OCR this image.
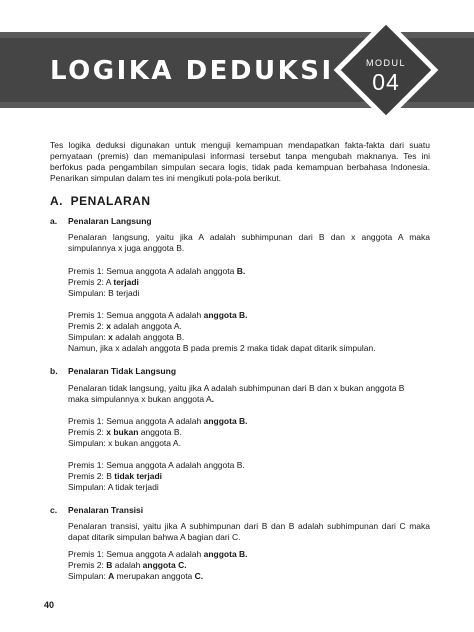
LOGIKA DEDUKSI	MODUL
04
Tes logika deduksi digunakan untuk menguji kemampuan mendapatkan fakta-fakta dari suatu pernyataan (premis) dan memanipulasi informasi tersebut tanpa mengubah maknanya. Tes ini berfokus pada pengambilan simpulan secara logis, tidak pada kemampuan berbahasa Indonesia. Penarikan simpulan dalam tes ini mengikuti pola-pola berikut.
A. PENALARAN
a. Penalaran Langsung
Penalaran langsung, yaitu jika A adalah subhimpunan dari B dan x anggota A maka simpulannya x juga anggota B.
Premis 1: Semua anggota A adalah anggota B.
Premis 2: A terjadi
Simpulan: B terjadi
Premis 1: Semua anggota A adalah anggota B.
Premis 2: x adalah anggota A.
Simpulan: x adalah anggota B.
Namun, jika x adalah anggota B pada premis 2 maka tidak dapat ditarik simpulan.
b. Penalaran Tidak Langsung
Penalaran tidak langsung, yaitu jika A adalah subhimpunan dari B dan x bukan anggota B
maka simpulannya x bukan anggota A.
Premis 1: Semua anggota A adalah anggota B.
Premis 2: x bukan anggota B.
Simpulan: x bukan anggota A.
Premis 1: Semua anggota A adalah anggota B.
Premis 2: B tidak terjadi
Simpulan: A tidak terjadi
c. Penalaran Transisi
Penalaran transisi, yaitu jika A subhimpunan dari B dan B adalah subhimpunan dari C maka dapat ditarik simpulan bahwa A bagian dari C.
Premis 1: Semua anggota A adalah anggota B.
Premis 2: B adalah anggota C.
Simpulan: A merupakan anggota C.
40
